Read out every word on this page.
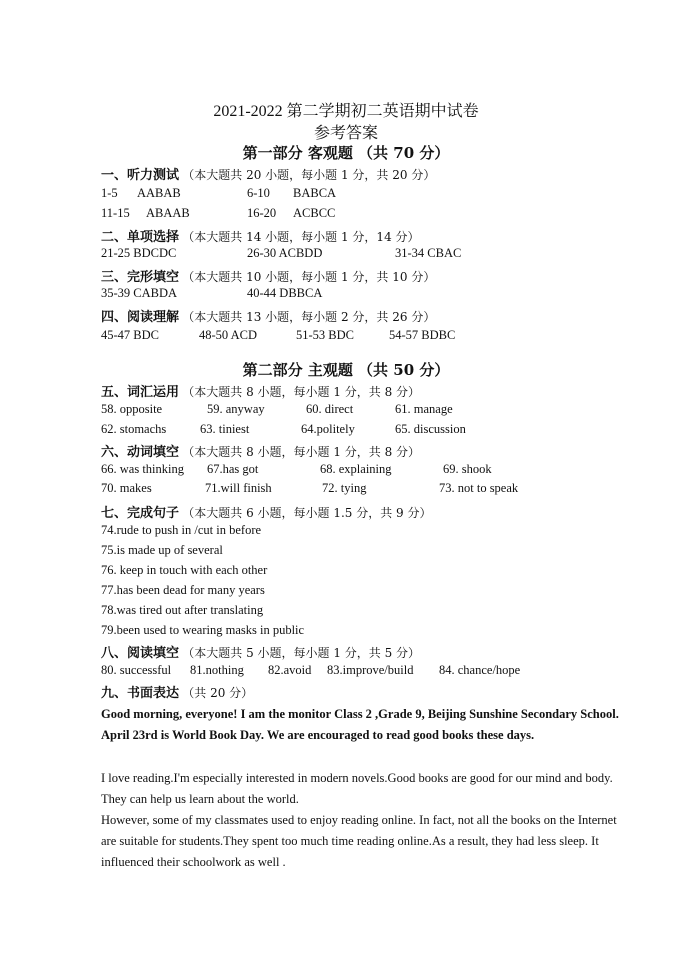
2021-2022 第二学期初二英语期中试卷
参考答案
第一部分 客观题 （共 70 分）
一、听力测试 （本大题共 20 小题，每小题 1 分，共 20 分）
1-5 AABAB	6-10 BABCA
11-15 ABAAB	16-20 ACBCC
二、单项选择 （本大题共 14 小题，每小题 1 分，14 分）
21-25 BDCDC	26-30 ACBDD	31-34 CBAC
三、完形填空 （本大题共 10 小题，每小题 1 分，共 10 分）
35-39 CABDA	40-44 DBBCA
四、阅读理解 （本大题共 13 小题，每小题 2 分，共 26 分）
45-47 BDC	48-50 ACD	51-53 BDC	54-57 BDBC
第二部分 主观题 （共 50 分）
五、词汇运用 （本大题共 8 小题，每小题 1 分，共 8 分）
58. opposite	59. anyway	60. direct	61. manage
62. stomachs	63. tiniest	64.politely	65. discussion
六、动词填空 （本大题共 8 小题，每小题 1 分，共 8 分）
66. was thinking 67.has got	68. explaining	69. shook
70. makes	71.will finish	72. tying	73. not to speak
七、完成句子 （本大题共 6 小题，每小题 1.5 分，共 9 分）
74.rude to push in /cut in before
75.is made up of several
76. keep in touch with each other
77.has been dead for many years
78.was tired out after translating
79.been used to wearing masks in public
八、阅读填空 （本大题共 5 小题，每小题 1 分，共 5 分）
80. successful 81.nothing 82.avoid 83.improve/build 84. chance/hope
九、书面表达 （共 20 分）
Good morning, everyone! I am the monitor Class 2 ,Grade 9, Beijing Sunshine Secondary School. April 23rd is World Book Day. We are encouraged to read good books these days.
I love reading.I'm especially interested in modern novels.Good books are good for our mind and body. They can help us learn about the world.
However, some of my classmates used to enjoy reading online. In fact, not all the books on the Internet are suitable for students.They spent too much time reading online.As a result, they had less sleep. It influenced their schoolwork as well .
